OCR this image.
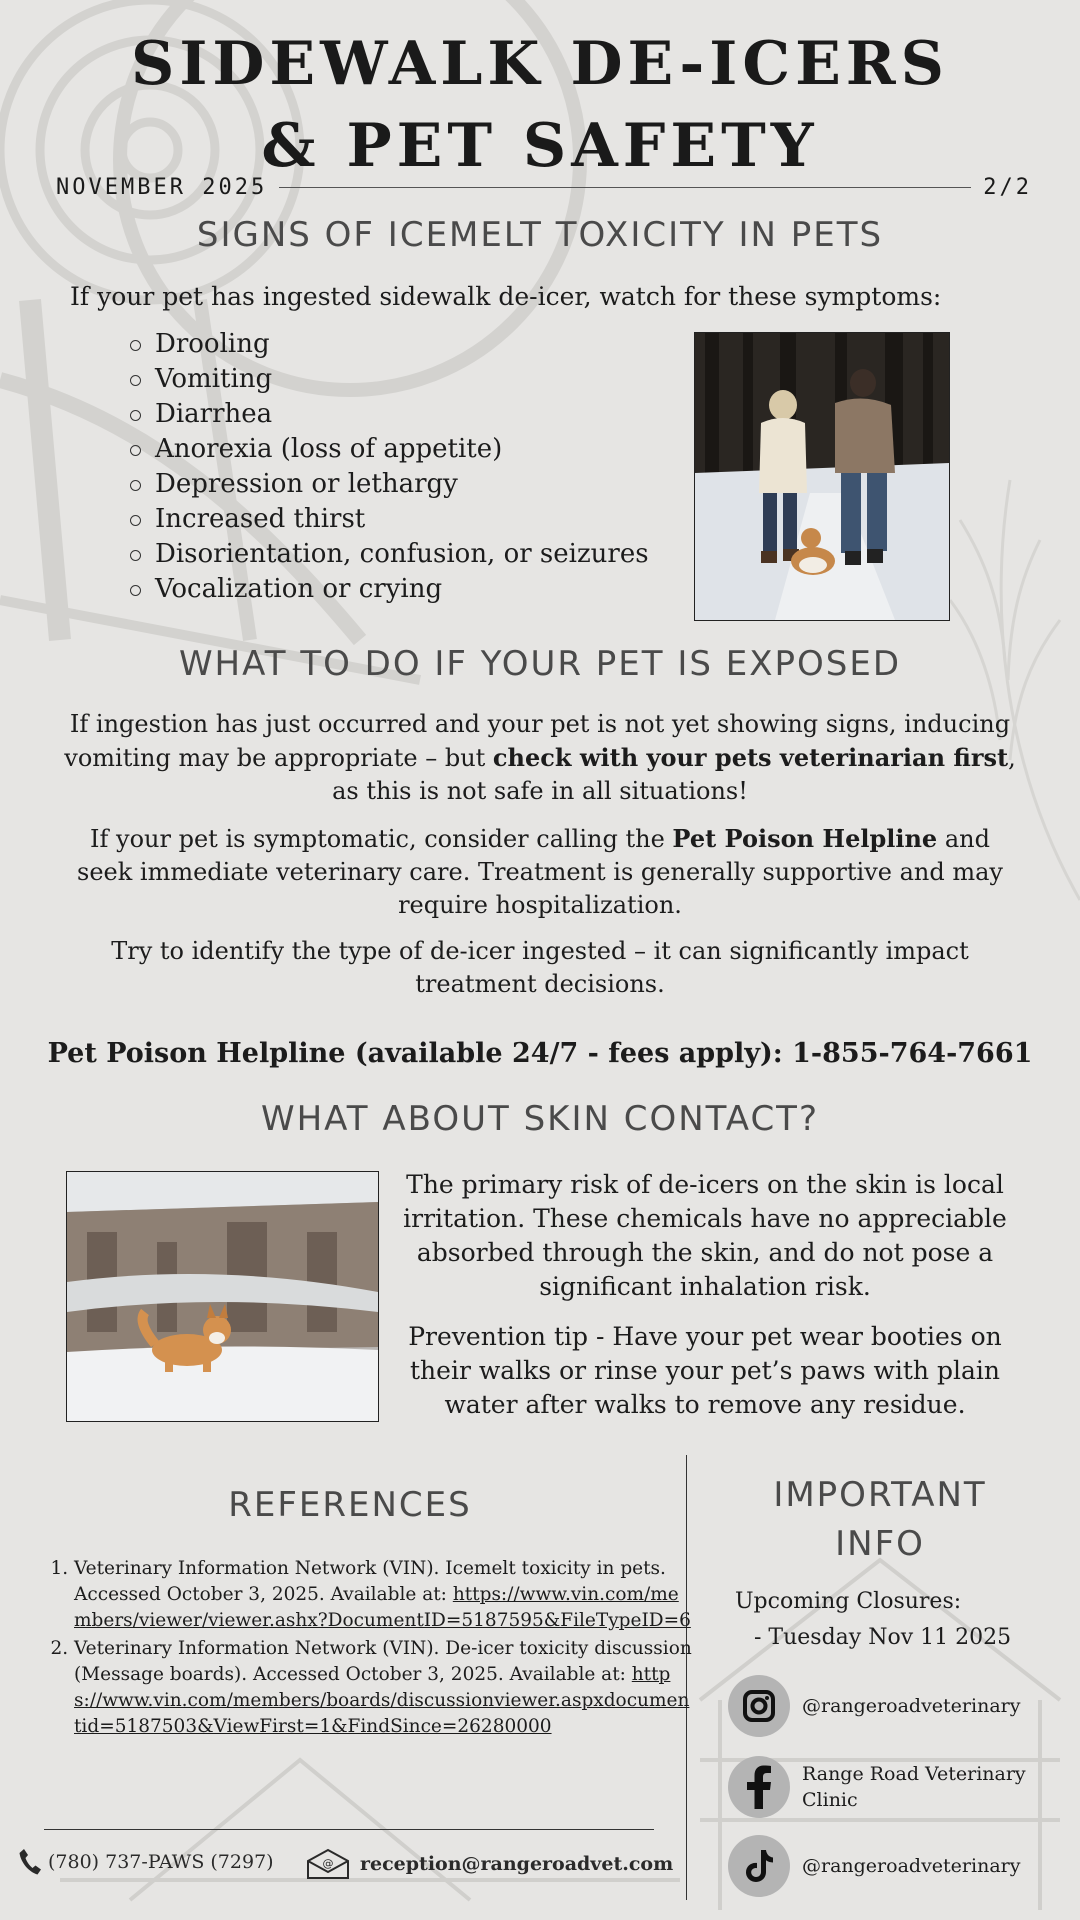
SIDEWALK DE-ICERS
& PET SAFETY
NOVEMBER 2025	2/2
SIGNS OF ICEMELT TOXICITY IN PETS
If your pet has ingested sidewalk de-icer, watch for these symptoms:
Drooling
Vomiting
Diarrhea
Anorexia (loss of appetite)
Depression or lethargy
Increased thirst
Disorientation, confusion, or seizures
Vocalization or crying
WHAT TO DO IF YOUR PET IS EXPOSED
If ingestion has just occurred and your pet is not yet showing signs, inducing vomiting may be appropriate – but check with your pets veterinarian first, as this is not safe in all situations!
If your pet is symptomatic, consider calling the Pet Poison Helpline and seek immediate veterinary care. Treatment is generally supportive and may require hospitalization.
Try to identify the type of de-icer ingested – it can significantly impact treatment decisions.
Pet Poison Helpline (available 24/7 - fees apply): 1-855-764-7661
WHAT ABOUT SKIN CONTACT?
The primary risk of de-icers on the skin is local irritation. These chemicals have no appreciable absorbed through the skin, and do not pose a significant inhalation risk.
Prevention tip - Have your pet wear booties on their walks or rinse your pet’s paws with plain water after walks to remove any residue.
REFERENCES
1. Veterinary Information Network (VIN). Icemelt toxicity in pets. Accessed October 3, 2025. Available at: https://www.vin.com/members/viewer/viewer.ashx?DocumentID=5187595&FileTypeID=6
2. Veterinary Information Network (VIN). De-icer toxicity discussion (Message boards). Accessed October 3, 2025. Available at: https://www.vin.com/members/boards/discussionviewer.aspxdocumentid=5187503&ViewFirst=1&FindSince=26280000
IMPORTANT
INFO
Upcoming Closures:
- Tuesday Nov 11 2025
@rangeroadveterinary
Range Road Veterinary Clinic
@rangeroadveterinary
(780) 737-PAWS (7297)	@ reception@rangeroadvet.com
